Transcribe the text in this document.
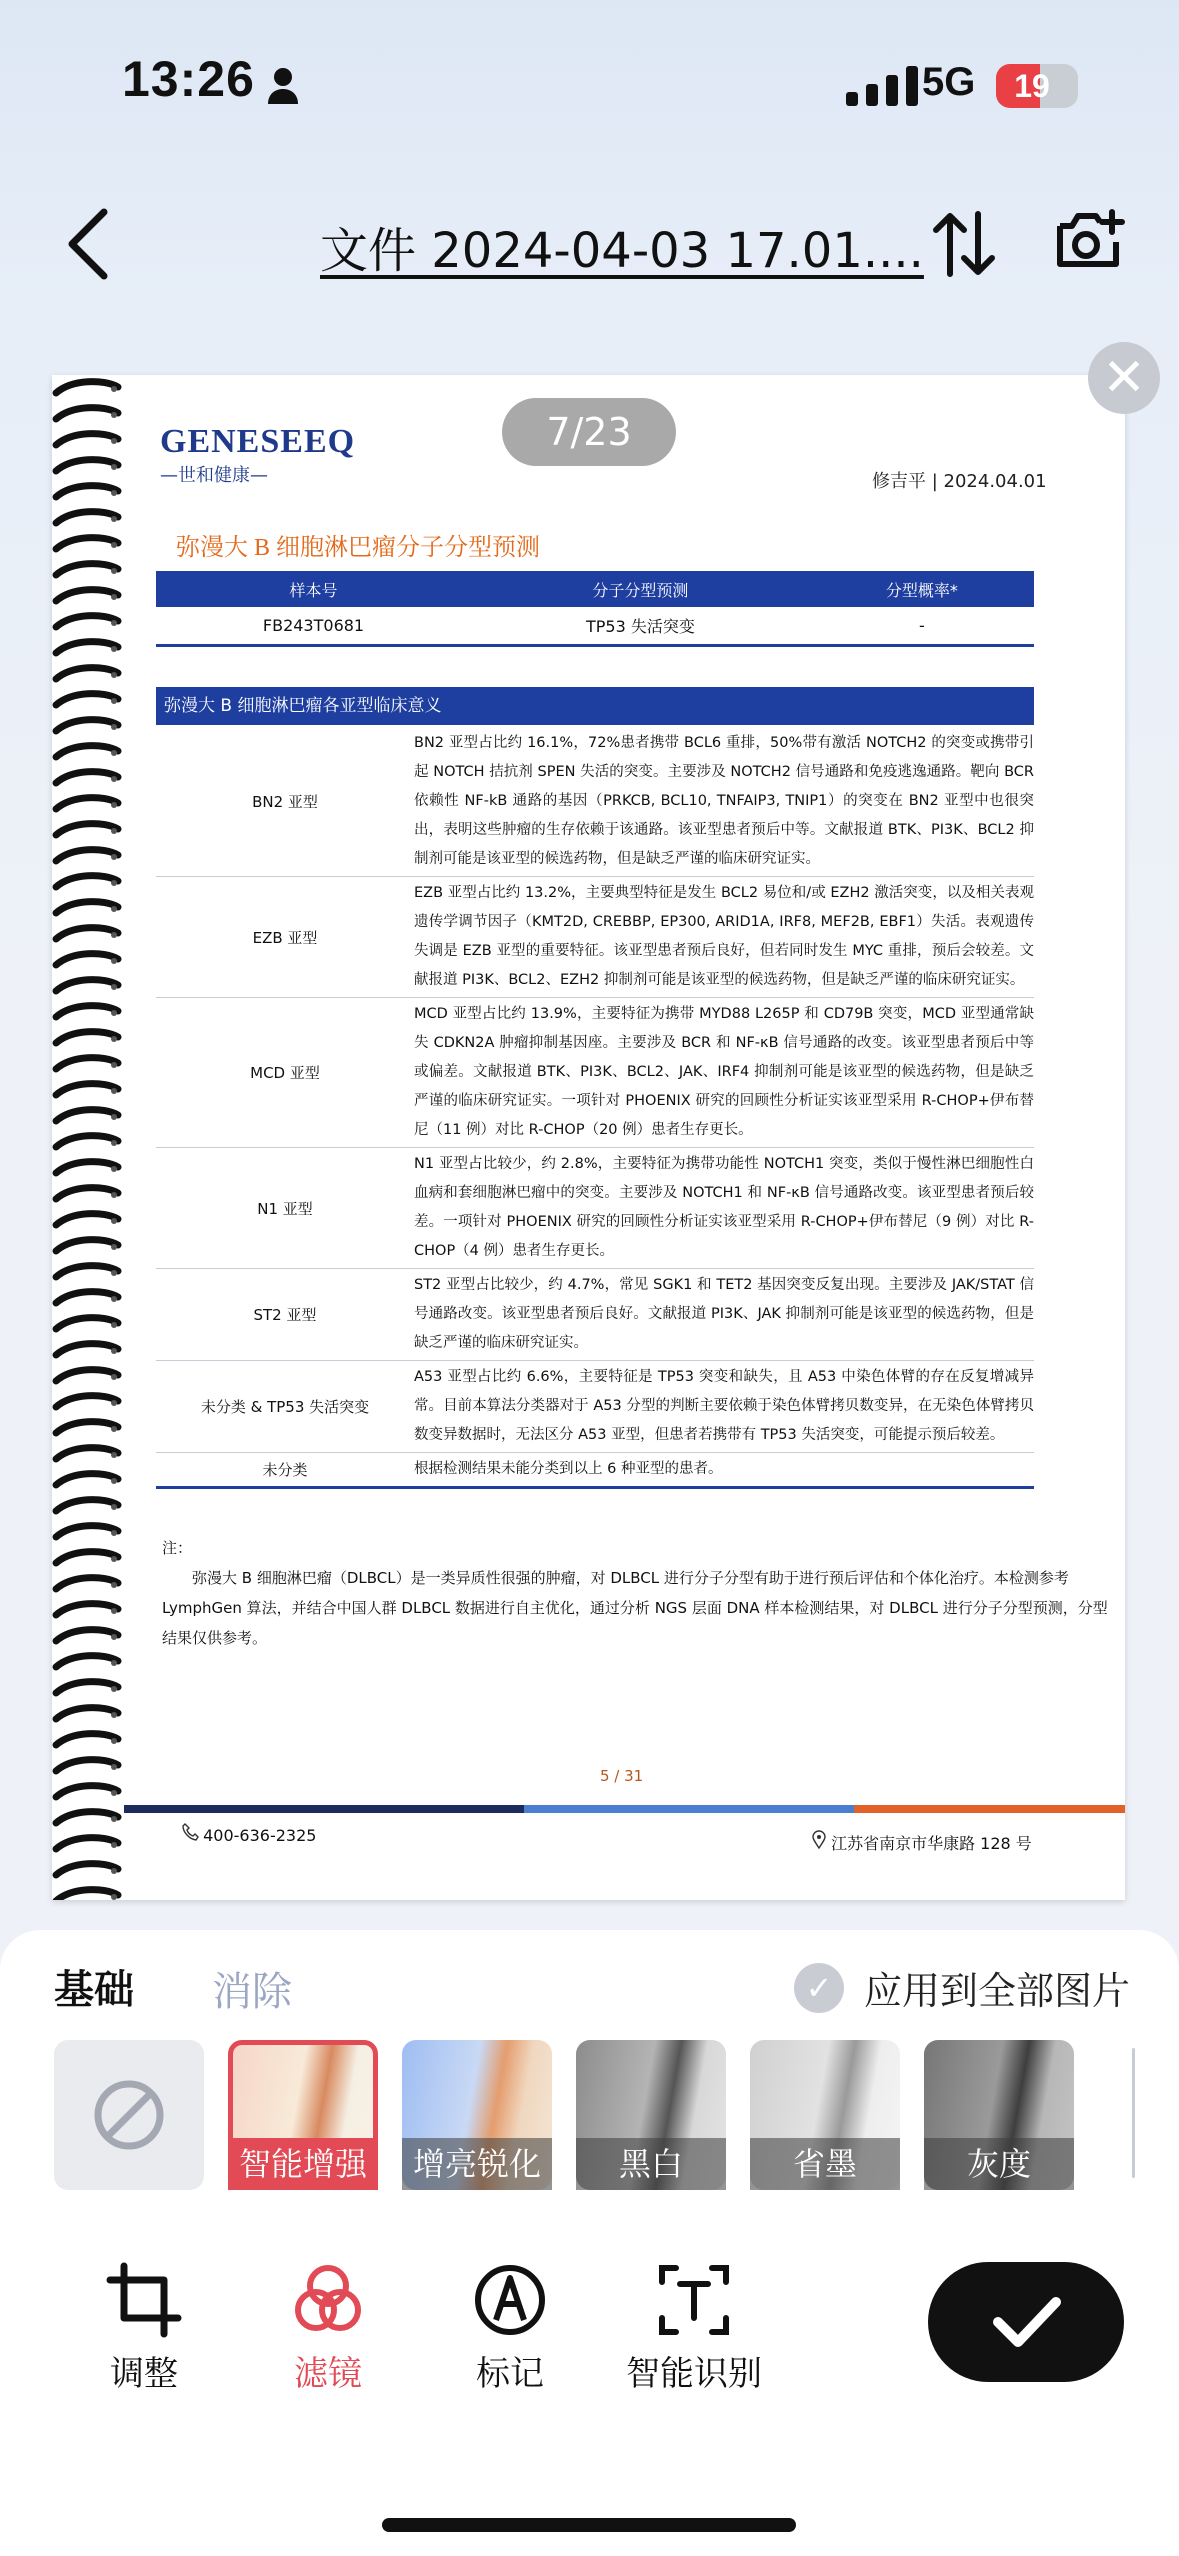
13:26	5G	19
文件 2024-04-03 17.01....
GENESEEQ
—世和健康—	修吉平 | 2024.04.01
弥漫大 B 细胞淋巴瘤分子分型预测
样本号	分子分型预测	分型概率*
FB243T0681	TP53 失活突变	-
弥漫大 B 细胞淋巴瘤各亚型临床意义
BN2 亚型	BN2 亚型占比约 16.1%，72%患者携带 BCL6 重排，50%带有激活 NOTCH2 的突变或携带引起 NOTCH 拮抗剂 SPEN 失活的突变。主要涉及 NOTCH2 信号通路和免疫逃逸通路。靶向 BCR 依赖性 NF-kB 通路的基因（PRKCB, BCL10, TNFAIP3, TNIP1）的突变在 BN2 亚型中也很突出，表明这些肿瘤的生存依赖于该通路。该亚型患者预后中等。文献报道 BTK、PI3K、BCL2 抑制剂可能是该亚型的候选药物，但是缺乏严谨的临床研究证实。
EZB 亚型	EZB 亚型占比约 13.2%，主要典型特征是发生 BCL2 易位和/或 EZH2 激活突变，以及相关表观遗传学调节因子（KMT2D, CREBBP, EP300, ARID1A, IRF8, MEF2B, EBF1）失活。表观遗传失调是 EZB 亚型的重要特征。该亚型患者预后良好，但若同时发生 MYC 重排，预后会较差。文献报道 PI3K、BCL2、EZH2 抑制剂可能是该亚型的候选药物，但是缺乏严谨的临床研究证实。
MCD 亚型	MCD 亚型占比约 13.9%，主要特征为携带 MYD88 L265P 和 CD79B 突变，MCD 亚型通常缺失 CDKN2A 肿瘤抑制基因座。主要涉及 BCR 和 NF-κB 信号通路的改变。该亚型患者预后中等或偏差。文献报道 BTK、PI3K、BCL2、JAK、IRF4 抑制剂可能是该亚型的候选药物，但是缺乏严谨的临床研究证实。一项针对 PHOENIX 研究的回顾性分析证实该亚型采用 R-CHOP+伊布替尼（11 例）对比 R-CHOP（20 例）患者生存更长。
N1 亚型	N1 亚型占比较少，约 2.8%，主要特征为携带功能性 NOTCH1 突变，类似于慢性淋巴细胞性白血病和套细胞淋巴瘤中的突变。主要涉及 NOTCH1 和 NF-κB 信号通路改变。该亚型患者预后较差。一项针对 PHOENIX 研究的回顾性分析证实该亚型采用 R-CHOP+伊布替尼（9 例）对比 R-CHOP（4 例）患者生存更长。
ST2 亚型	ST2 亚型占比较少，约 4.7%，常见 SGK1 和 TET2 基因突变反复出现。主要涉及 JAK/STAT 信号通路改变。该亚型患者预后良好。文献报道 PI3K、JAK 抑制剂可能是该亚型的候选药物，但是缺乏严谨的临床研究证实。
未分类 & TP53 失活突变	A53 亚型占比约 6.6%，主要特征是 TP53 突变和缺失，且 A53 中染色体臂的存在反复增减异常。目前本算法分类器对于 A53 分型的判断主要依赖于染色体臂拷贝数变异，在无染色体臂拷贝数变异数据时，无法区分 A53 亚型，但患者若携带有 TP53 失活突变，可能提示预后较差。
未分类	根据检测结果未能分类到以上 6 种亚型的患者。
注：

弥漫大 B 细胞淋巴瘤（DLBCL）是一类异质性很强的肿瘤，对 DLBCL 进行分子分型有助于进行预后评估和个体化治疗。本检测参考 LymphGen 算法，并结合中国人群 DLBCL 数据进行自主优化，通过分析 NGS 层面 DNA 样本检测结果，对 DLBCL 进行分子分型预测，分型结果仅供参考。

5 / 31
400-636-2325	江苏省南京市华康路 128 号
7/23
✕
基础 消除	✓ 应用到全部图片
智能增强	增亮锐化	黑白	省墨	灰度
调整	滤镜	标记	智能识别
